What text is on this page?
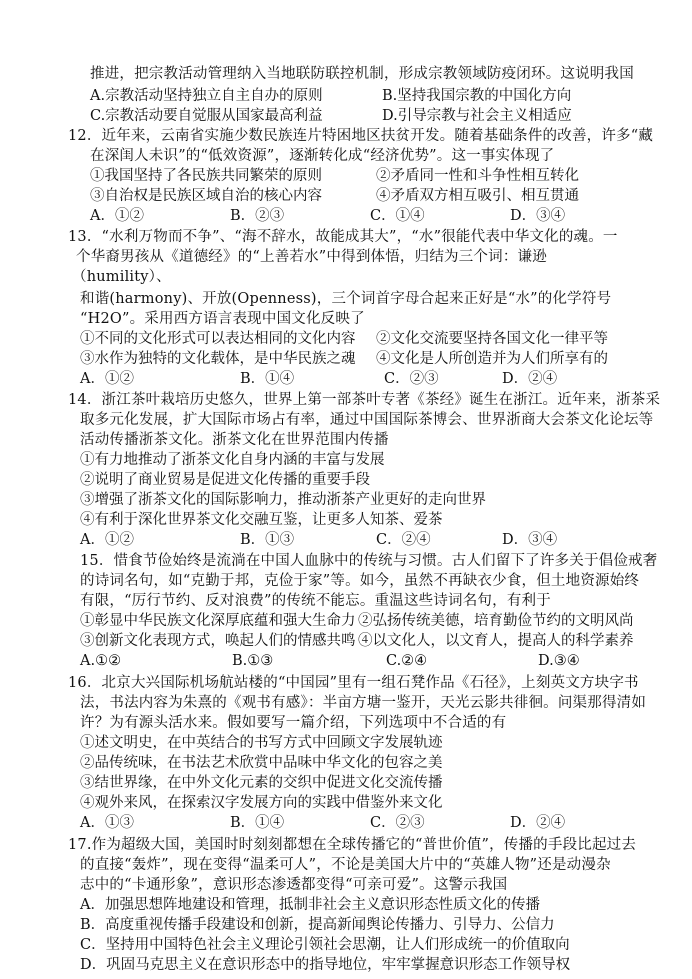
推进，把宗教活动管理纳入当地联防联控机制，形成宗教领域防疫闭环。这说明我国
A.宗教活动坚持独立自主自办的原则	B.坚持我国宗教的中国化方向
C.宗教活动要自觉服从国家最高利益	D.引导宗教与社会主义相适应
12．近年来，云南省实施少数民族连片特困地区扶贫开发。随着基础条件的改善，许多“藏
在深闺人未识”的“低效资源”，逐渐转化成“经济优势”。这一事实体现了
①我国坚持了各民族共同繁荣的原则	②矛盾同一性和斗争性相互转化
③自治权是民族区域自治的核心内容	④矛盾双方相互吸引、相互贯通
A．①②	B．②③	C．①④	D．③④
13．“水利万物而不争”、“海不辞水，故能成其大”，“水”很能代表中华文化的魂。一
个华裔男孩从《道德经》的“上善若水”中得到体悟，归结为三个词：谦逊
（humility）、
和谐(harmony)、开放(Openness)，三个词首字母合起来正好是“水”的化学符号
“H2O”。采用西方语言表现中国文化反映了
①不同的文化形式可以表达相同的文化内容 ②文化交流要坚持各国文化一律平等
③水作为独特的文化载体，是中华民族之魂 ④文化是人所创造并为人们所享有的
A．①②	B．①④	C．②③	D．②④
14．浙江茶叶栽培历史悠久，世界上第一部茶叶专著《茶经》诞生在浙江。近年来，浙茶采
取多元化发展，扩大国际市场占有率，通过中国国际茶博会、世界浙商大会茶文化论坛等
活动传播浙茶文化。浙茶文化在世界范围内传播
①有力地推动了浙茶文化自身内涵的丰富与发展
②说明了商业贸易是促进文化传播的重要手段
③增强了浙茶文化的国际影响力，推动浙茶产业更好的走向世界
④有利于深化世界茶文化交融互鉴，让更多人知茶、爱茶
A．①②	B．①③	C．②④	D．③④
15．惜食节俭始终是流淌在中国人血脉中的传统与习惯。古人们留下了许多关于倡俭戒奢
的诗词名句，如“克勤于邦，克俭于家”等。如今，虽然不再缺衣少食，但土地资源始终
有限，“厉行节约、反对浪费”的传统不能忘。重温这些诗词名句，有利于
①彰显中华民族文化深厚底蕴和强大生命力 ②弘扬传统美德，培育勤俭节约的文明风尚
③创新文化表现方式，唤起人们的情感共鸣 ④以文化人，以文育人，提高人的科学素养
A.①②	B.①③	C.②④	D.③④
16．北京大兴国际机场航站楼的“中国园”里有一组石凳作品《石径》，上刻英文方块字书
法，书法内容为朱熹的《观书有感》：半亩方塘一鉴开，天光云影共徘徊。问渠那得清如
许？为有源头活水来。假如要写一篇介绍，下列选项中不合适的有
①述文明史，在中英结合的书写方式中回顾文字发展轨迹
②品传统味，在书法艺术欣赏中品味中华文化的包容之美
③结世界缘，在中外文化元素的交织中促进文化交流传播
④观外来风，在探索汉字发展方向的实践中借鉴外来文化
A．①③	B．①④	C．②③	D．②④
17.作为超级大国，美国时时刻刻都想在全球传播它的“普世价值”，传播的手段比起过去
的直接“轰炸”，现在变得“温柔可人”，不论是美国大片中的“英雄人物”还是动漫杂
志中的“卡通形象”，意识形态渗透都变得“可亲可爱”。这警示我国
A．加强思想阵地建设和管理，抵制非社会主义意识形态性质文化的传播
B．高度重视传播手段建设和创新，提高新闻舆论传播力、引导力、公信力
C．坚持用中国特色社会主义理论引领社会思潮，让人们形成统一的价值取向
D．巩固马克思主义在意识形态中的指导地位，牢牢掌握意识形态工作领导权
